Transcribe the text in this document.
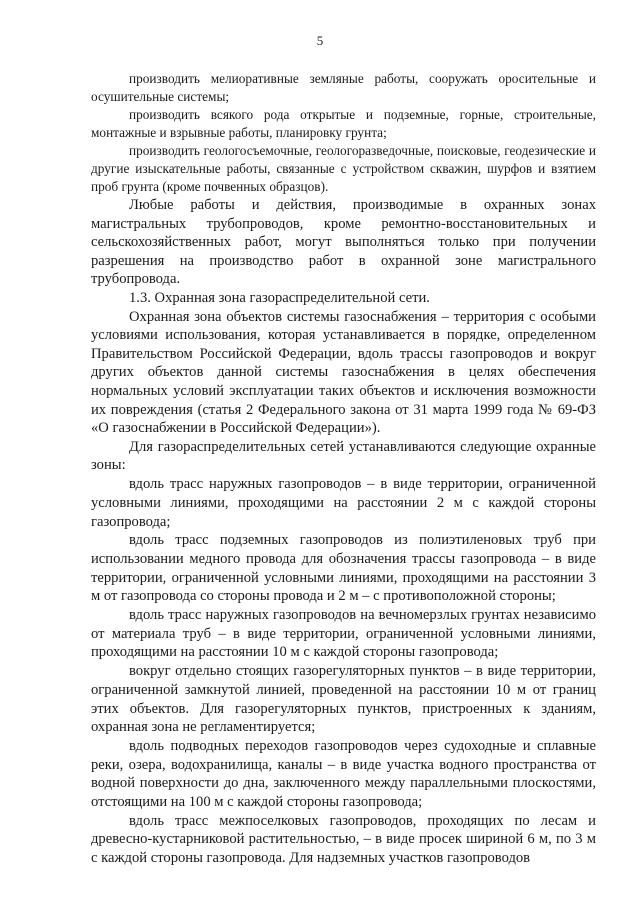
5

производить мелиоративные земляные работы, сооружать оросительные и осушительные системы;

производить всякого рода открытые и подземные, горные, строительные, монтажные и взрывные работы, планировку грунта;

производить геологосъемочные, геологоразведочные, поисковые, геодезические и другие изыскательные работы, связанные с устройством скважин, шурфов и взятием проб грунта (кроме почвенных образцов).

Любые работы и действия, производимые в охранных зонах магистральных трубопроводов, кроме ремонтно-восстановительных и сельскохозяйственных работ, могут выполняться только при получении разрешения на производство работ в охранной зоне магистрального трубопровода.

1.3. Охранная зона газораспределительной сети.

Охранная зона объектов системы газоснабжения – территория с особыми условиями использования, которая устанавливается в порядке, определенном Правительством Российской Федерации, вдоль трассы газопроводов и вокруг других объектов данной системы газоснабжения в целях обеспечения нормальных условий эксплуатации таких объектов и исключения возможности их повреждения (статья 2 Федерального закона от 31 марта 1999 года № 69-ФЗ «О газоснабжении в Российской Федерации»).

Для газораспределительных сетей устанавливаются следующие охранные зоны:

вдоль трасс наружных газопроводов – в виде территории, ограниченной условными линиями, проходящими на расстоянии 2 м с каждой стороны газопровода;

вдоль трасс подземных газопроводов из полиэтиленовых труб при использовании медного провода для обозначения трассы газопровода – в виде территории, ограниченной условными линиями, проходящими на расстоянии 3 м от газопровода со стороны провода и 2 м – с противоположной стороны;

вдоль трасс наружных газопроводов на вечномерзлых грунтах независимо от материала труб – в виде территории, ограниченной условными линиями, проходящими на расстоянии 10 м с каждой стороны газопровода;

вокруг отдельно стоящих газорегуляторных пунктов – в виде территории, ограниченной замкнутой линией, проведенной на расстоянии 10 м от границ этих объектов. Для газорегуляторных пунктов, пристроенных к зданиям, охранная зона не регламентируется;

вдоль подводных переходов газопроводов через судоходные и сплавные реки, озера, водохранилища, каналы – в виде участка водного пространства от водной поверхности до дна, заключенного между параллельными плоскостями, отстоящими на 100 м с каждой стороны газопровода;

вдоль трасс межпоселковых газопроводов, проходящих по лесам и древесно-кустарниковой растительностью, – в виде просек шириной 6 м, по 3 м с каждой стороны газопровода. Для надземных участков газопроводов
